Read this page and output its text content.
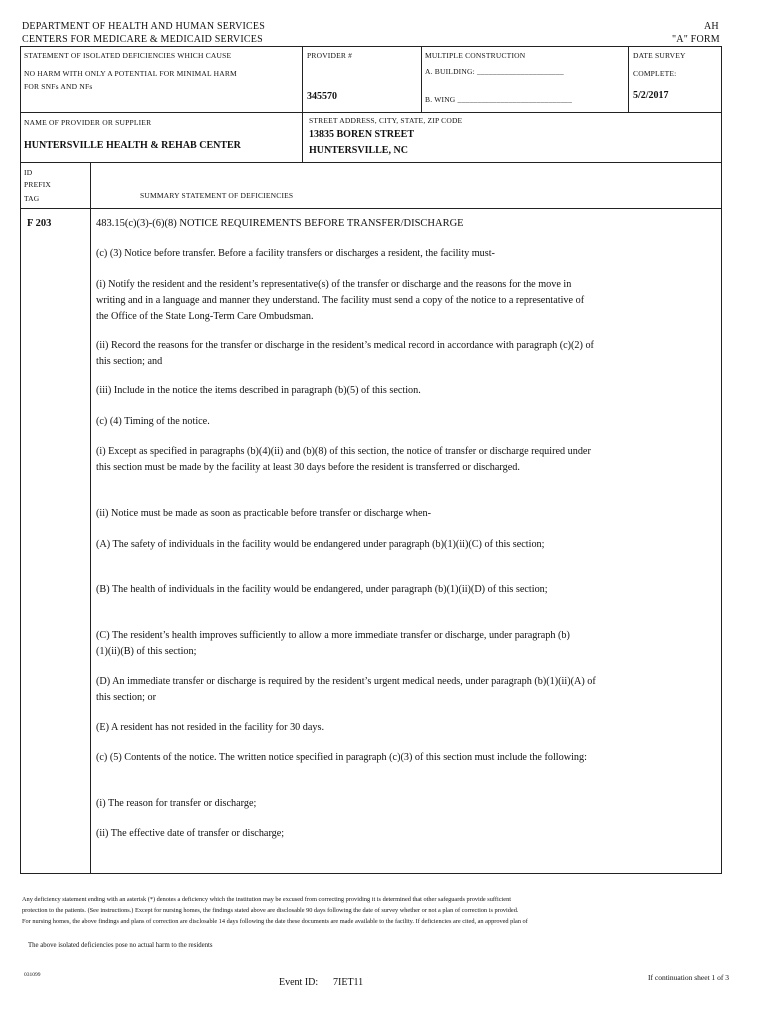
DEPARTMENT OF HEALTH AND HUMAN SERVICES
CENTERS FOR MEDICARE & MEDICAID SERVICES
AH
"A" FORM
STATEMENT OF ISOLATED DEFICIENCIES WHICH CAUSE
NO HARM WITH ONLY A POTENTIAL FOR MINIMAL HARM
FOR SNFs AND NFs
PROVIDER #
345570
MULTIPLE CONSTRUCTION
A. BUILDING: ______________________
B. WING _____________________________
DATE SURVEY
COMPLETE:
5/2/2017
NAME OF PROVIDER OR SUPPLIER
HUNTERSVILLE HEALTH & REHAB CENTER
STREET ADDRESS, CITY, STATE, ZIP CODE
13835 BOREN STREET
HUNTERSVILLE, NC
ID
PREFIX
TAG	SUMMARY STATEMENT OF DEFICIENCIES
F 203	483.15(c)(3)-(6)(8) NOTICE REQUIREMENTS BEFORE TRANSFER/DISCHARGE
(c) (3) Notice before transfer. Before a facility transfers or discharges a resident, the facility must-
(i) Notify the resident and the resident’s representative(s) of the transfer or discharge and the reasons for the move in writing and in a language and manner they understand. The facility must send a copy of the notice to a representative of the Office of the State Long-Term Care Ombudsman.
(ii) Record the reasons for the transfer or discharge in the resident’s medical record in accordance with paragraph (c)(2) of this section; and
(iii) Include in the notice the items described in paragraph (b)(5) of this section.
(c) (4) Timing of the notice.
(i) Except as specified in paragraphs (b)(4)(ii) and (b)(8) of this section, the notice of transfer or discharge required under this section must be made by the facility at least 30 days before the resident is transferred or discharged.
(ii) Notice must be made as soon as practicable before transfer or discharge when-
(A) The safety of individuals in the facility would be endangered under paragraph (b)(1)(ii)(C) of this section;
(B) The health of individuals in the facility would be endangered, under paragraph (b)(1)(ii)(D) of this section;
(C) The resident’s health improves sufficiently to allow a more immediate transfer or discharge, under paragraph (b)(1)(ii)(B) of this section;
(D) An immediate transfer or discharge is required by the resident’s urgent medical needs, under paragraph (b)(1)(ii)(A) of this section; or
(E) A resident has not resided in the facility for 30 days.
(c) (5) Contents of the notice. The written notice specified in paragraph (c)(3) of this section must include the following:
(i) The reason for transfer or discharge;
(ii) The effective date of transfer or discharge;
Any deficiency statement ending with an asterisk (*) denotes a deficiency which the institution may be excused from correcting providing it is determined that other safeguards provide sufficient
protection to the patients. (See instructions.) Except for nursing homes, the findings stated above are disclosable 90 days following the date of survey whether or not a plan of correction is provided.
For nursing homes, the above findings and plans of correction are disclosable 14 days following the date these documents are made available to the facility. If deficiencies are cited, an approved plan of
The above isolated deficiencies pose no actual harm to the residents
031099
Event ID: 7IET11	If continuation sheet 1 of 3
